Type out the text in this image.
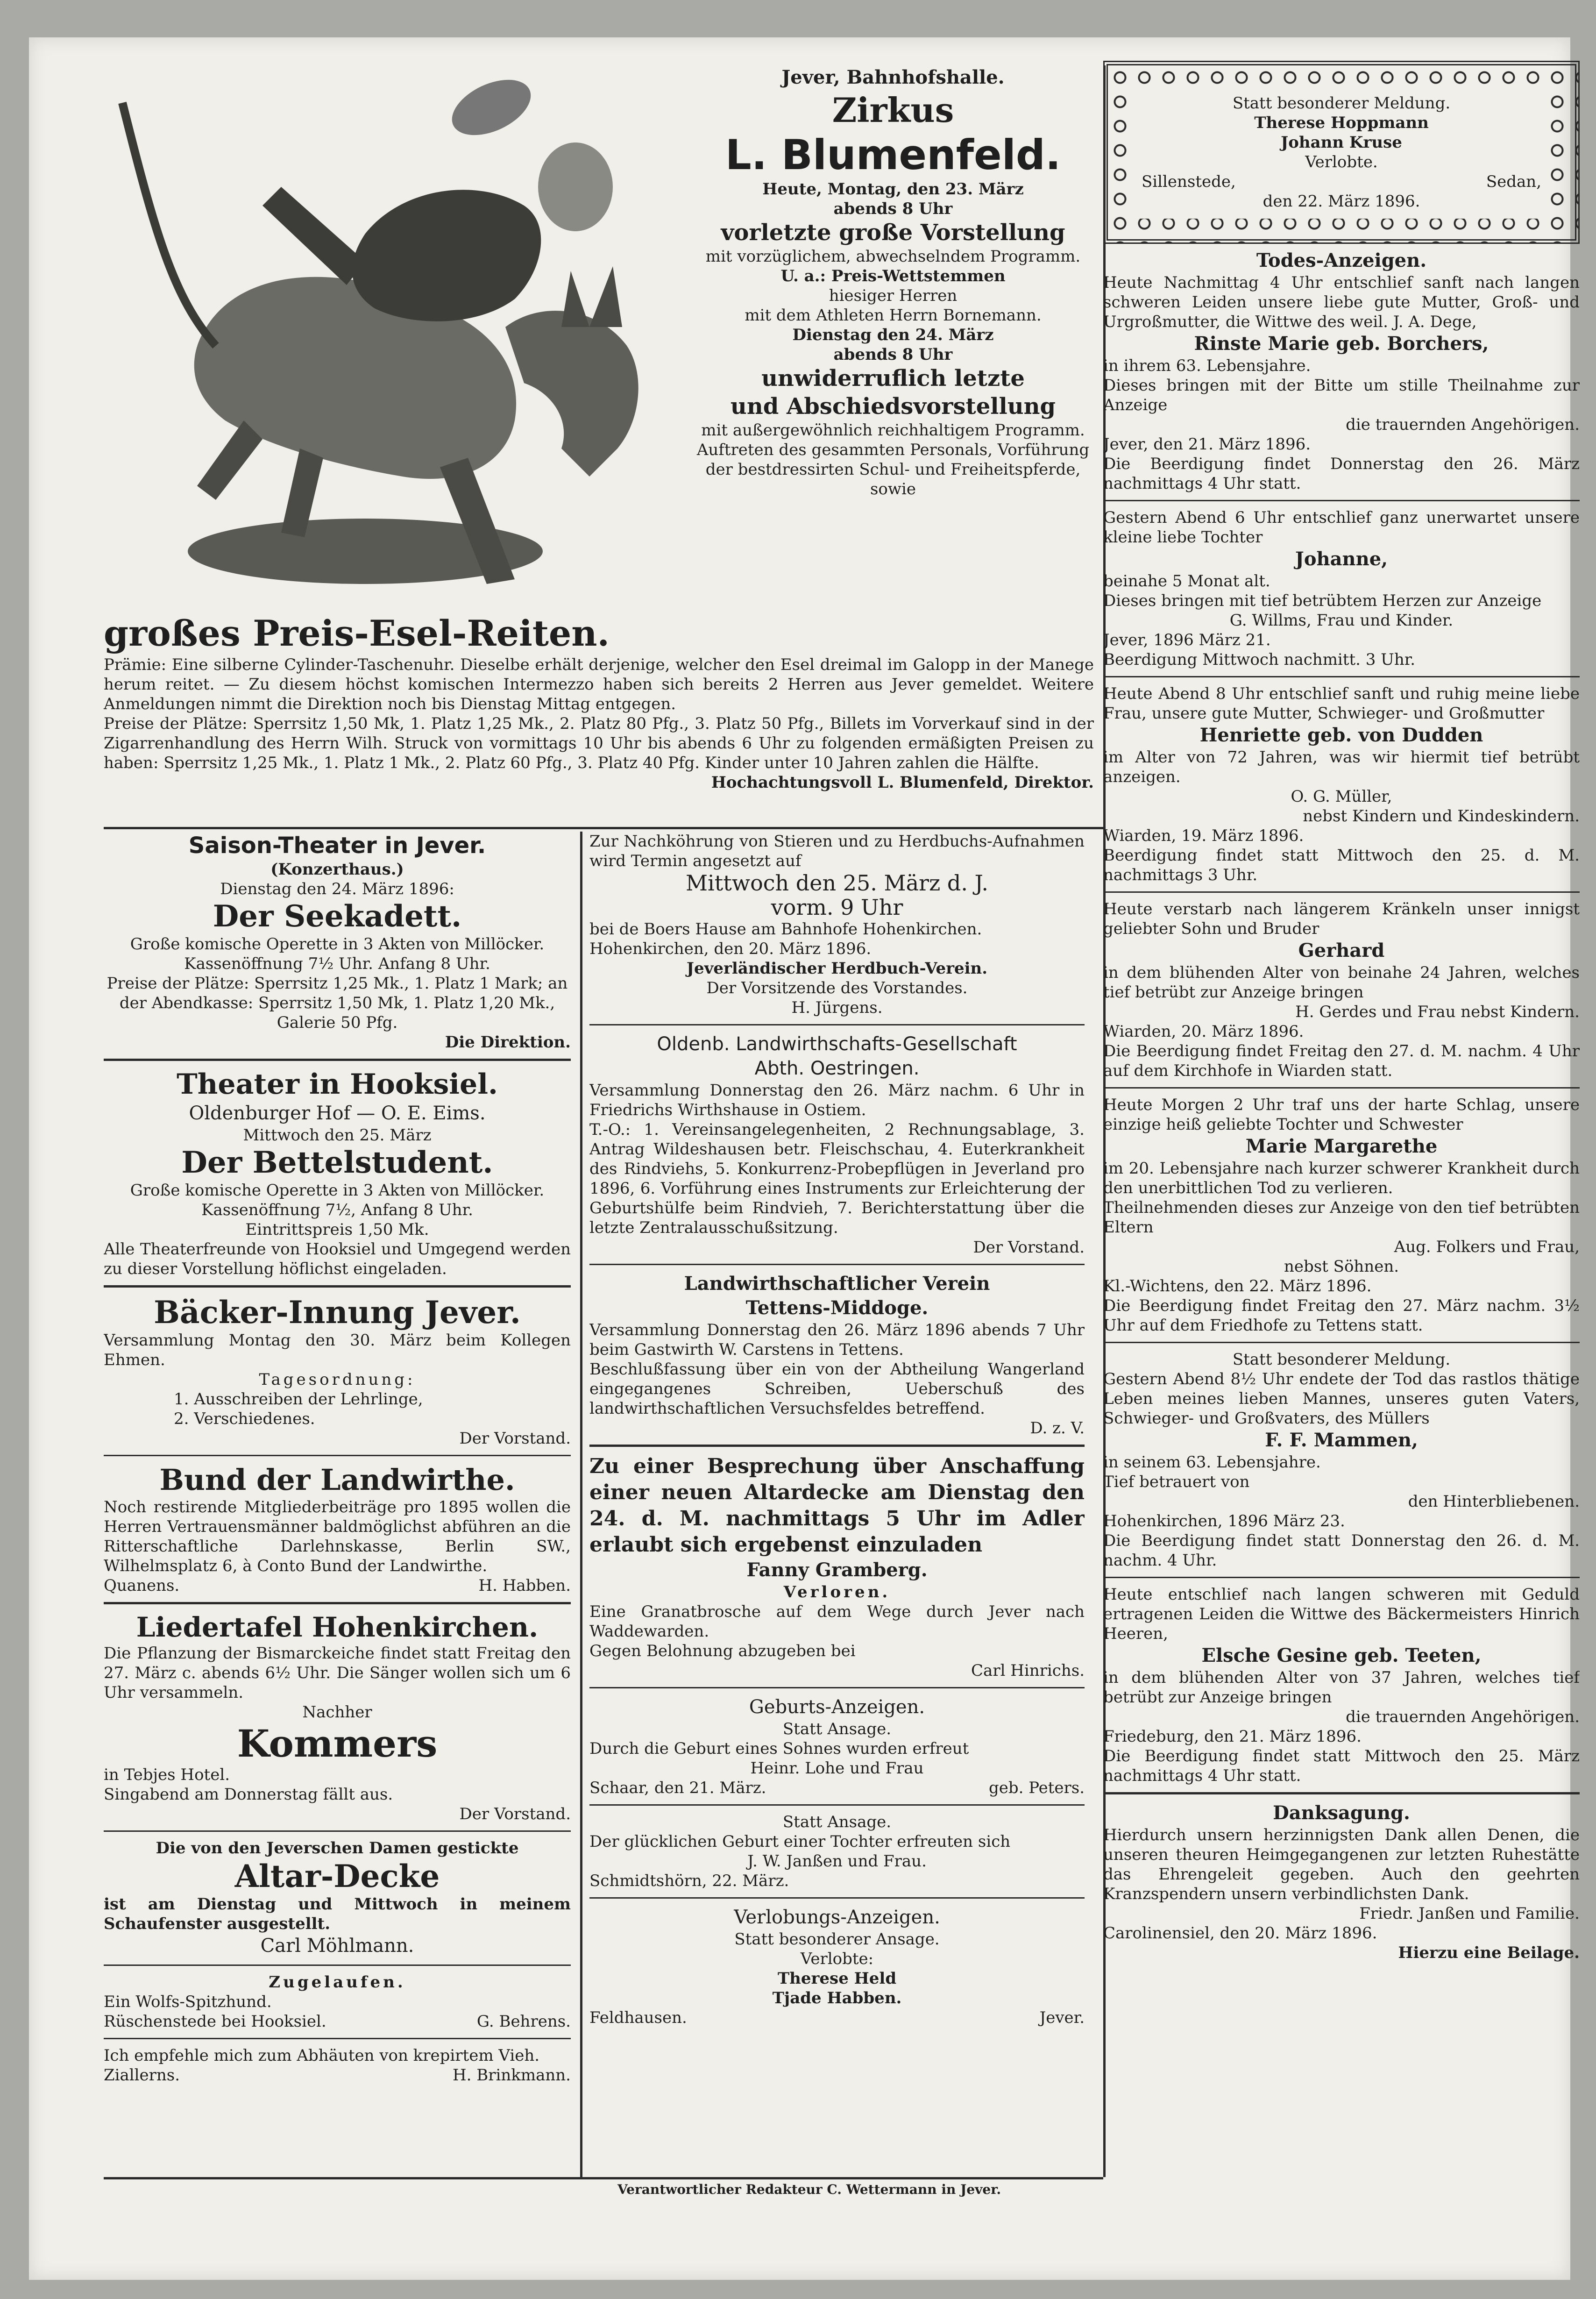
Jever, Bahnhofshalle.

Zirkus

L. Blumenfeld.

Heute, Montag, den 23. März

abends 8 Uhr

vorletzte große Vorstellung

mit vorzüglichem, abwechselndem Programm.

U. a.: Preis-Wettstemmen

hiesiger Herren

mit dem Athleten Herrn Bornemann.

Dienstag den 24. März

abends 8 Uhr

unwiderruflich letzte

und Abschiedsvorstellung

mit außergewöhnlich reichhaltigem Programm.

Auftreten des gesammten Personals, Vorführung der bestdressirten Schul- und Freiheitspferde, sowie

großes Preis-Esel-Reiten.

Prämie: Eine silberne Cylinder-Taschenuhr. Dieselbe erhält derjenige, welcher den Esel dreimal im Galopp in der Manege herum reitet. — Zu diesem höchst komischen Intermezzo haben sich bereits 2 Herren aus Jever gemeldet. Weitere Anmeldungen nimmt die Direktion noch bis Dienstag Mittag entgegen.

Preise der Plätze: Sperrsitz 1,50 Mk, 1. Platz 1,25 Mk., 2. Platz 80 Pfg., 3. Platz 50 Pfg., Billets im Vorverkauf sind in der Zigarrenhandlung des Herrn Wilh. Struck von vormittags 10 Uhr bis abends 6 Uhr zu folgenden ermäßigten Preisen zu haben: Sperrsitz 1,25 Mk., 1. Platz 1 Mk., 2. Platz 60 Pfg., 3. Platz 40 Pfg. Kinder unter 10 Jahren zahlen die Hälfte.

Hochachtungsvoll L. Blumenfeld, Direktor.

Saison-Theater in Jever.

(Konzerthaus.)

Dienstag den 24. März 1896:

Der Seekadett.

Große komische Operette in 3 Akten von Millöcker.

Kassenöffnung 7½ Uhr. Anfang 8 Uhr.

Preise der Plätze: Sperrsitz 1,25 Mk., 1. Platz 1 Mark; an der Abendkasse: Sperrsitz 1,50 Mk, 1. Platz 1,20 Mk., Galerie 50 Pfg.

Die Direktion.

Theater in Hooksiel.

Oldenburger Hof — O. E. Eims.

Mittwoch den 25. März

Der Bettelstudent.

Große komische Operette in 3 Akten von Millöcker.

Kassenöffnung 7½, Anfang 8 Uhr.

Eintrittspreis 1,50 Mk.

Alle Theaterfreunde von Hooksiel und Umgegend werden zu dieser Vorstellung höflichst eingeladen.

Bäcker-Innung Jever.

Versammlung Montag den 30. März beim Kollegen Ehmen.

Tagesordnung:

1. Ausschreiben der Lehrlinge,

2. Verschiedenes.

Der Vorstand.

Bund der Landwirthe.

Noch restirende Mitgliederbeiträge pro 1895 wollen die Herren Vertrauensmänner baldmöglichst abführen an die Ritterschaftliche Darlehnskasse, Berlin SW., Wilhelmsplatz 6, à Conto Bund der Landwirthe.

Quanens.	H. Habben.

Liedertafel Hohenkirchen.

Die Pflanzung der Bismarckeiche findet statt Freitag den 27. März c. abends 6½ Uhr. Die Sänger wollen sich um 6 Uhr versammeln.

Nachher

Kommers

in Tebjes Hotel.

Singabend am Donnerstag fällt aus.

Der Vorstand.

Die von den Jeverschen Damen gestickte

Altar-Decke

ist am Dienstag und Mittwoch in meinem Schaufenster ausgestellt.

Carl Möhlmann.

Zugelaufen.

Ein Wolfs-Spitzhund.

Rüschenstede bei Hooksiel.	G. Behrens.

Ich empfehle mich zum Abhäuten von krepirtem Vieh.

Ziallerns.	H. Brinkmann.

Zur Nachköhrung von Stieren und zu Herdbuchs-Aufnahmen wird Termin angesetzt auf

Mittwoch den 25. März d. J.

vorm. 9 Uhr

bei de Boers Hause am Bahnhofe Hohenkirchen.

Hohenkirchen, den 20. März 1896.

Jeverländischer Herdbuch-Verein.

Der Vorsitzende des Vorstandes.

H. Jürgens.

Oldenb. Landwirthschafts-Gesellschaft

Abth. Oestringen.

Versammlung Donnerstag den 26. März nachm. 6 Uhr in Friedrichs Wirthshause in Ostiem.

T.-O.: 1. Vereinsangelegenheiten, 2 Rechnungsablage, 3. Antrag Wildeshausen betr. Fleischschau, 4. Euterkrankheit des Rindviehs, 5. Konkurrenz-Probepflügen in Jeverland pro 1896, 6. Vorführung eines Instruments zur Erleichterung der Geburtshülfe beim Rindvieh, 7. Berichterstattung über die letzte Zentralausschußsitzung.

Der Vorstand.

Landwirthschaftlicher Verein

Tettens-Middoge.

Versammlung Donnerstag den 26. März 1896 abends 7 Uhr beim Gastwirth W. Carstens in Tettens.

Beschlußfassung über ein von der Abtheilung Wangerland eingegangenes Schreiben, Ueberschuß des landwirthschaftlichen Versuchsfeldes betreffend.

D. z. V.

Zu einer Besprechung über Anschaffung einer neuen Altardecke am Dienstag den 24. d. M. nachmittags 5 Uhr im Adler erlaubt sich ergebenst einzuladen

Fanny Gramberg.

Verloren.

Eine Granatbrosche auf dem Wege durch Jever nach Waddewarden.

Gegen Belohnung abzugeben bei

Carl Hinrichs.

Geburts-Anzeigen.

Statt Ansage.

Durch die Geburt eines Sohnes wurden erfreut

Heinr. Lohe und Frau

Schaar, den 21. März.	geb. Peters.

Statt Ansage.

Der glücklichen Geburt einer Tochter erfreuten sich

J. W. Janßen und Frau.

Schmidtshörn, 22. März.

Verlobungs-Anzeigen.

Statt besonderer Ansage.

Verlobte:

Therese Held

Tjade Habben.

Feldhausen.	Jever.

Statt besonderer Meldung.

Therese Hoppmann

Johann Kruse

Verlobte.

Sillenstede,	Sedan,

den 22. März 1896.

Todes-Anzeigen.

Heute Nachmittag 4 Uhr entschlief sanft nach langen schweren Leiden unsere liebe gute Mutter, Groß- und Urgroßmutter, die Wittwe des weil. J. A. Dege,

Rinste Marie geb. Borchers,

in ihrem 63. Lebensjahre.

Dieses bringen mit der Bitte um stille Theilnahme zur Anzeige

die trauernden Angehörigen.

Jever, den 21. März 1896.

Die Beerdigung findet Donnerstag den 26. März nachmittags 4 Uhr statt.

Gestern Abend 6 Uhr entschlief ganz unerwartet unsere kleine liebe Tochter

Johanne,

beinahe 5 Monat alt.

Dieses bringen mit tief betrübtem Herzen zur Anzeige

G. Willms, Frau und Kinder.

Jever, 1896 März 21.

Beerdigung Mittwoch nachmitt. 3 Uhr.

Heute Abend 8 Uhr entschlief sanft und ruhig meine liebe Frau, unsere gute Mutter, Schwieger- und Großmutter

Henriette geb. von Dudden

im Alter von 72 Jahren, was wir hiermit tief betrübt anzeigen.

O. G. Müller,

nebst Kindern und Kindeskindern.

Wiarden, 19. März 1896.

Beerdigung findet statt Mittwoch den 25. d. M. nachmittags 3 Uhr.

Heute verstarb nach längerem Kränkeln unser innigst geliebter Sohn und Bruder

Gerhard

in dem blühenden Alter von beinahe 24 Jahren, welches tief betrübt zur Anzeige bringen

H. Gerdes und Frau nebst Kindern.

Wiarden, 20. März 1896.

Die Beerdigung findet Freitag den 27. d. M. nachm. 4 Uhr auf dem Kirchhofe in Wiarden statt.

Heute Morgen 2 Uhr traf uns der harte Schlag, unsere einzige heiß geliebte Tochter und Schwester

Marie Margarethe

im 20. Lebensjahre nach kurzer schwerer Krankheit durch den unerbittlichen Tod zu verlieren.

Theilnehmenden dieses zur Anzeige von den tief betrübten Eltern

Aug. Folkers und Frau,

nebst Söhnen.

Kl.-Wichtens, den 22. März 1896.

Die Beerdigung findet Freitag den 27. März nachm. 3½ Uhr auf dem Friedhofe zu Tettens statt.

Statt besonderer Meldung.

Gestern Abend 8½ Uhr endete der Tod das rastlos thätige Leben meines lieben Mannes, unseres guten Vaters, Schwieger- und Großvaters, des Müllers

F. F. Mammen,

in seinem 63. Lebensjahre.

Tief betrauert von

den Hinterbliebenen.

Hohenkirchen, 1896 März 23.

Die Beerdigung findet statt Donnerstag den 26. d. M. nachm. 4 Uhr.

Heute entschlief nach langen schweren mit Geduld ertragenen Leiden die Wittwe des Bäckermeisters Hinrich Heeren,

Elsche Gesine geb. Teeten,

in dem blühenden Alter von 37 Jahren, welches tief betrübt zur Anzeige bringen

die trauernden Angehörigen.

Friedeburg, den 21. März 1896.

Die Beerdigung findet statt Mittwoch den 25. März nachmittags 4 Uhr statt.

Danksagung.

Hierdurch unsern herzinnigsten Dank allen Denen, die unseren theuren Heimgegangenen zur letzten Ruhestätte das Ehrengeleit gegeben. Auch den geehrten Kranzspendern unsern verbindlichsten Dank.

Friedr. Janßen und Familie.

Carolinensiel, den 20. März 1896.

Hierzu eine Beilage.

Verantwortlicher Redakteur C. Wettermann in Jever.
